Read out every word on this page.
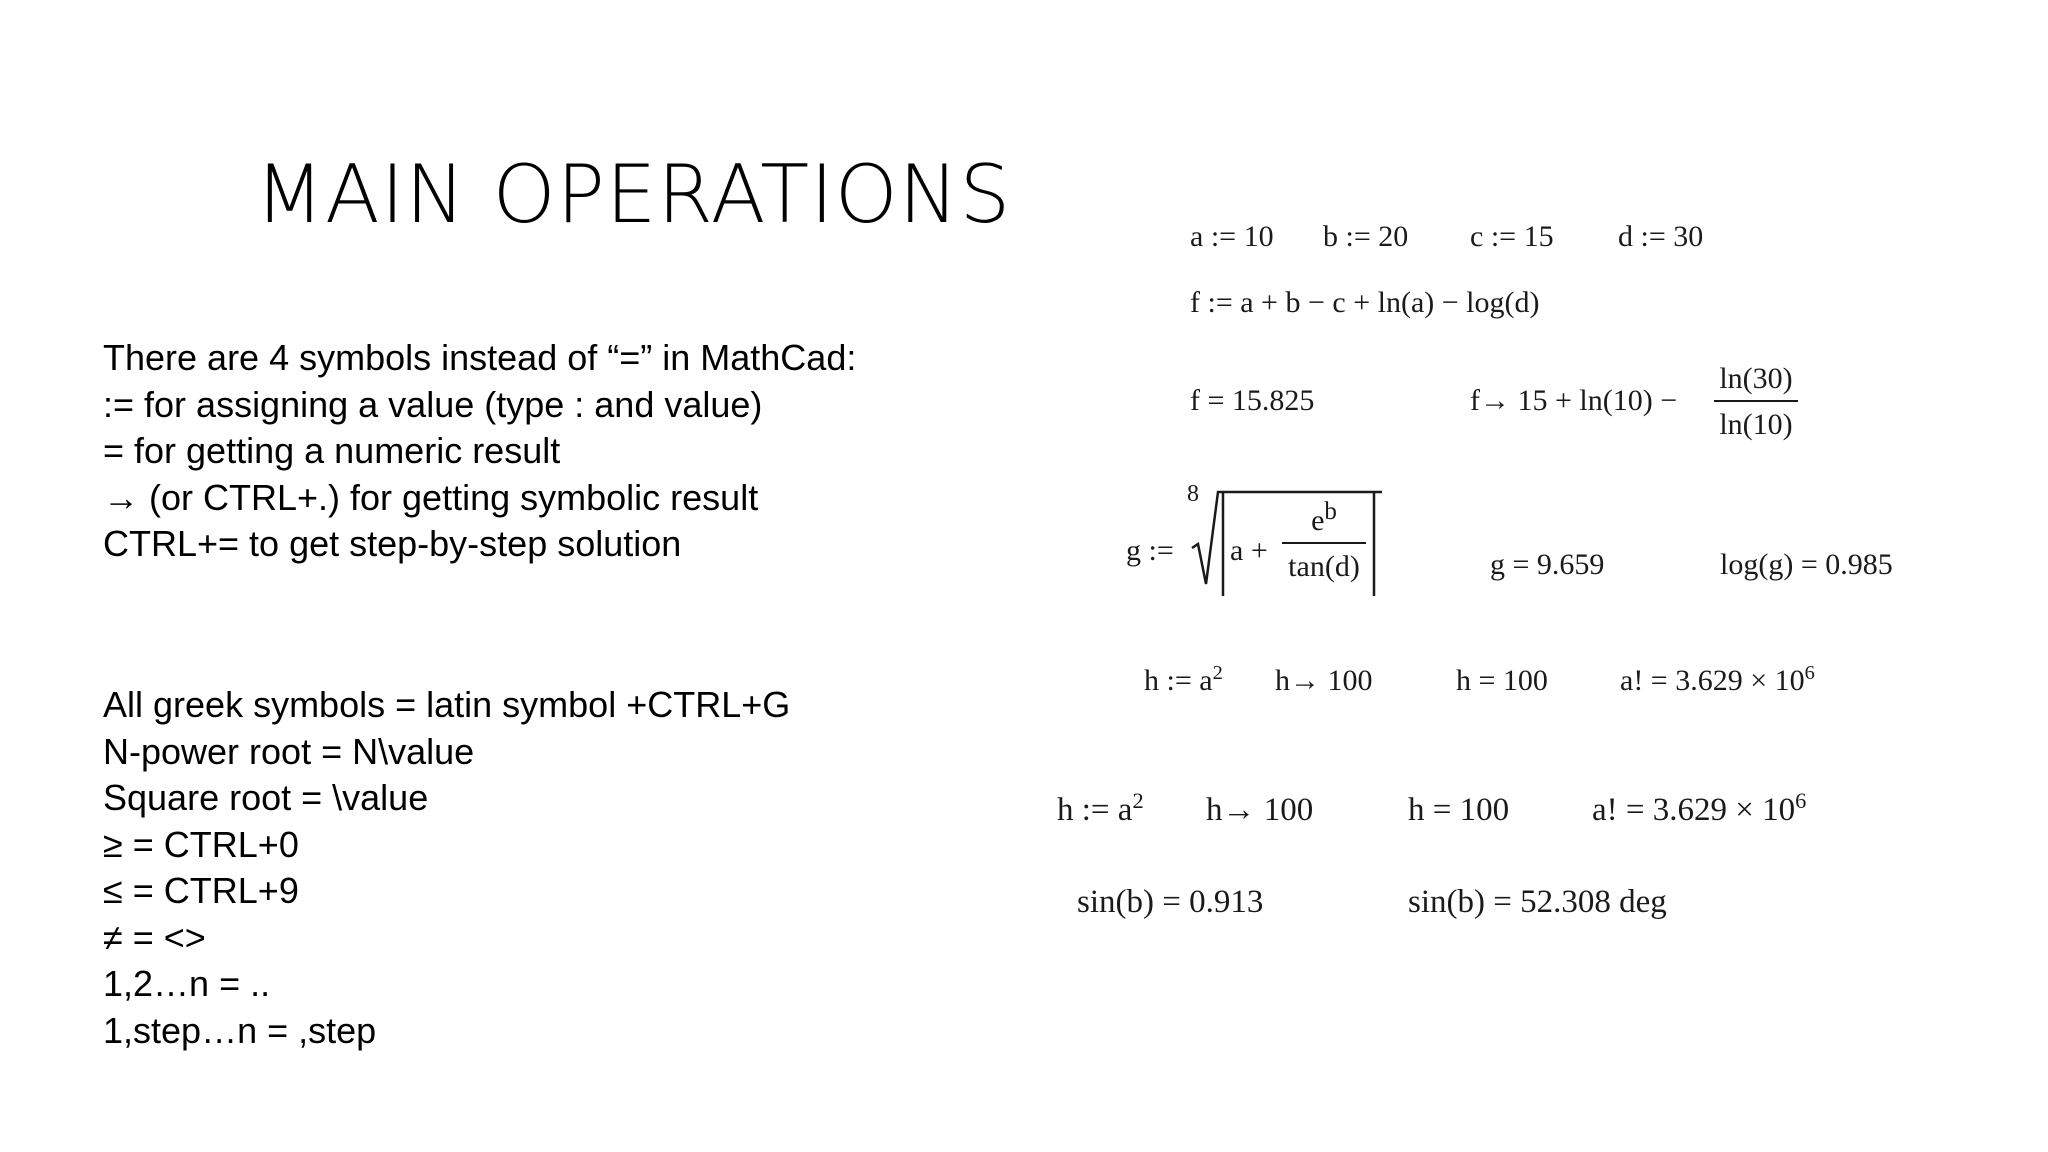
MAIN OPERATIONS
There are 4 symbols instead of “=” in MathCad:
:= for assigning a value (type : and value)
= for getting a numeric result
→ (or CTRL+.) for getting symbolic result
CTRL+= to get step-by-step solution
All greek symbols = latin symbol +CTRL+G
N-power root = N\value
Square root = \value
≥ = CTRL+0
≤ = CTRL+9
≠ = <>
1,2…n = ..
1,step…n = ,step
a := 10 b := 20 c := 15 d := 30
f := a + b − c + ln(a) − log(d)
f = 15.825	f→ 15 + ln(10) −
ln(30)
ln(10)
g :=
8
a +
$e^b$
tan(d)	g = 9.659	log(g) = 0.985
h := $a^2$ h→ 100	h = 100 a! = $3.629 \times 10^6$
h := $a^2$ h→ 100	h = 100	a! = $3.629 \times 10^6$
sin(b) = 0.913	sin(b) = 52.308 deg
